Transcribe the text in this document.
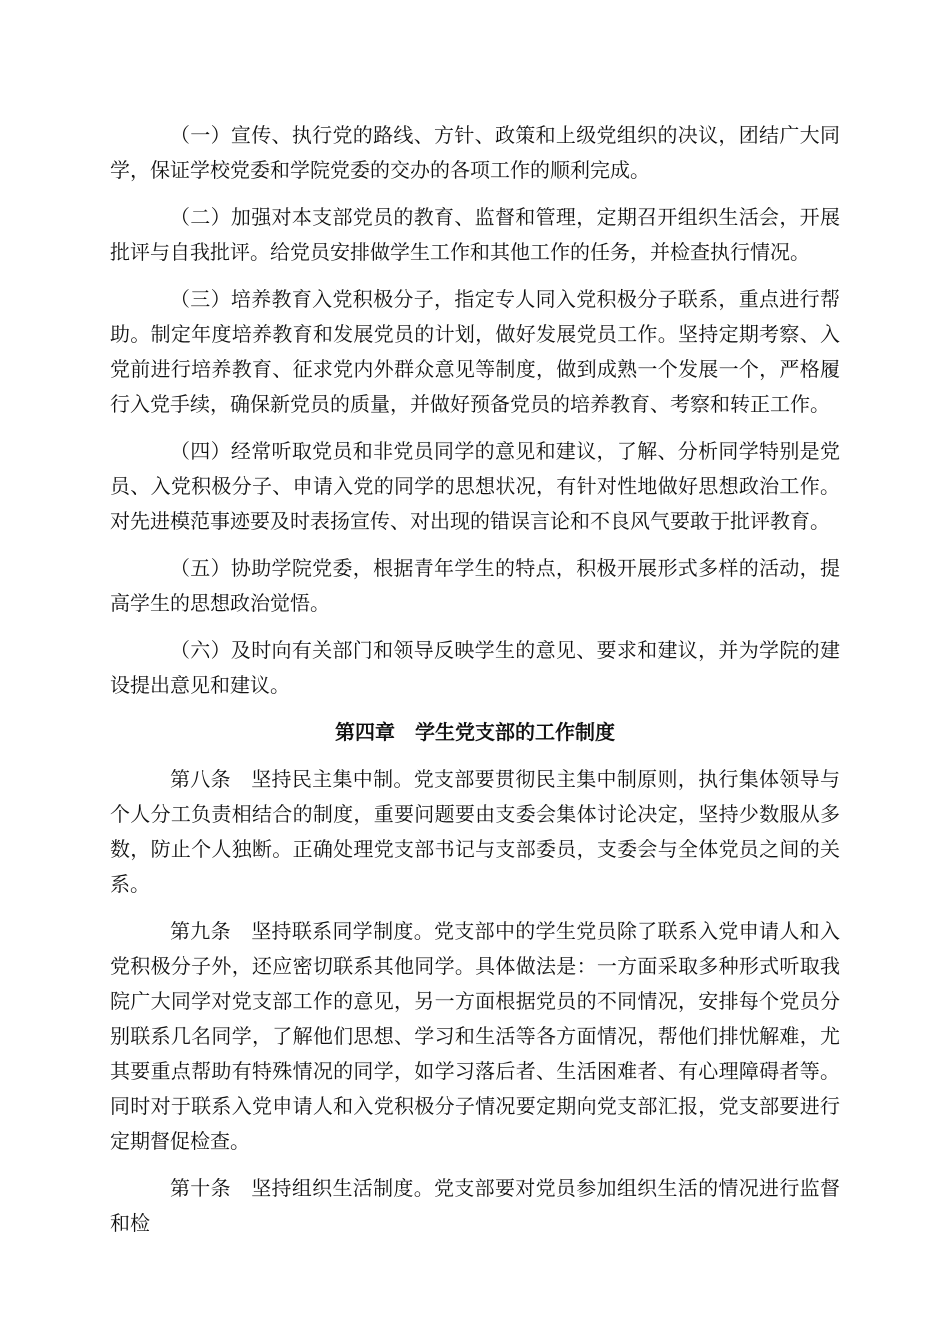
（一）宣传、执行党的路线、方针、政策和上级党组织的决议，团结广大同学，保证学校党委和学院党委的交办的各项工作的顺利完成。

（二）加强对本支部党员的教育、监督和管理，定期召开组织生活会，开展批评与自我批评。给党员安排做学生工作和其他工作的任务，并检查执行情况。

（三）培养教育入党积极分子，指定专人同入党积极分子联系，重点进行帮助。制定年度培养教育和发展党员的计划，做好发展党员工作。坚持定期考察、入党前进行培养教育、征求党内外群众意见等制度，做到成熟一个发展一个，严格履行入党手续，确保新党员的质量，并做好预备党员的培养教育、考察和转正工作。

（四）经常听取党员和非党员同学的意见和建议，了解、分析同学特别是党员、入党积极分子、申请入党的同学的思想状况，有针对性地做好思想政治工作。对先进模范事迹要及时表扬宣传、对出现的错误言论和不良风气要敢于批评教育。

（五）协助学院党委，根据青年学生的特点，积极开展形式多样的活动，提高学生的思想政治觉悟。

（六）及时向有关部门和领导反映学生的意见、要求和建议，并为学院的建设提出意见和建议。

第四章　学生党支部的工作制度

第八条　坚持民主集中制。党支部要贯彻民主集中制原则，执行集体领导与个人分工负责相结合的制度，重要问题要由支委会集体讨论决定，坚持少数服从多数，防止个人独断。正确处理党支部书记与支部委员，支委会与全体党员之间的关系。

第九条　坚持联系同学制度。党支部中的学生党员除了联系入党申请人和入党积极分子外，还应密切联系其他同学。具体做法是：一方面采取多种形式听取我院广大同学对党支部工作的意见，另一方面根据党员的不同情况，安排每个党员分别联系几名同学，了解他们思想、学习和生活等各方面情况，帮他们排忧解难，尤其要重点帮助有特殊情况的同学，如学习落后者、生活困难者、有心理障碍者等。同时对于联系入党申请人和入党积极分子情况要定期向党支部汇报，党支部要进行定期督促检查。

第十条　坚持组织生活制度。党支部要对党员参加组织生活的情况进行监督和检
